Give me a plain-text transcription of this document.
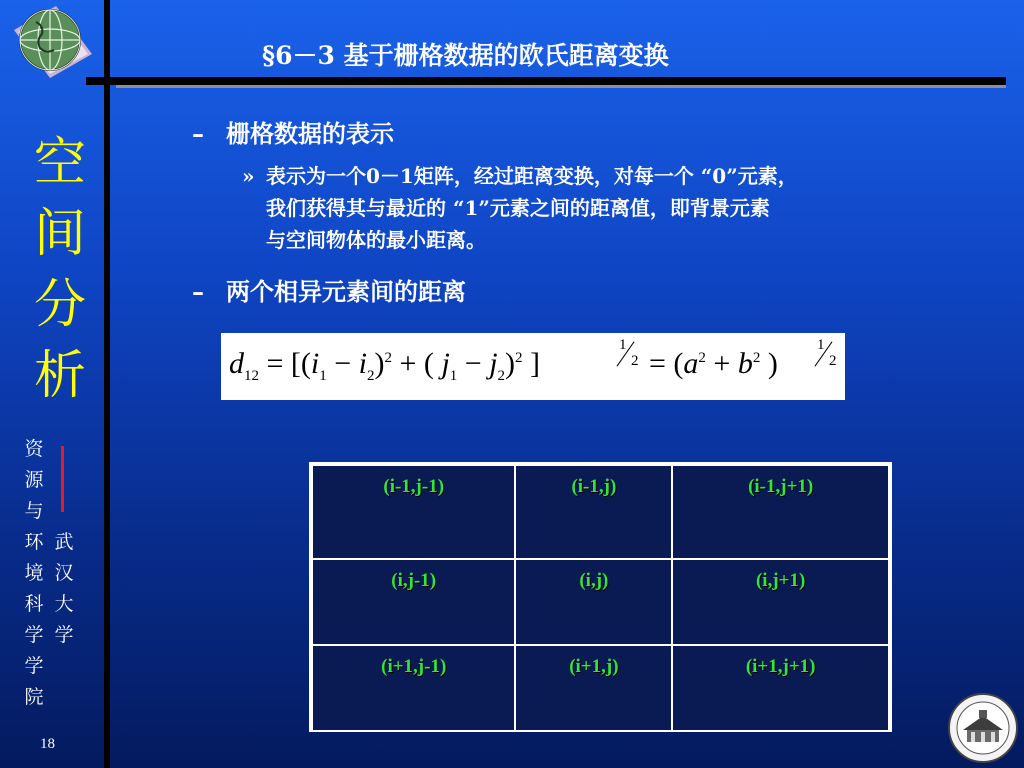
空
间
分
析
资
源
与
环
境
科
学
学
院
武
汉
大
学
18
§6－3 基于栅格数据的欧氏距离变换
– 栅格数据的表示
» 表示为一个0－1矩阵，经过距离变换，对每一个 “0”元素，
我们获得其与最近的 “1”元素之间的距离值，即背景元素
与空间物体的最小距离。
– 两个相异元素间的距离
$d_{12} = [(i_1 - i_2)^2$ + ( $j_1 - j_2)^2$ ]
1
$2 = (a^2 + b^2$ )
1
2
(i-1,j-1)	(i-1,j)	(i-1,j+1)
(i,j-1)	(i,j)	(i,j+1)
(i+1,j-1)	(i+1,j)	(i+1,j+1)
